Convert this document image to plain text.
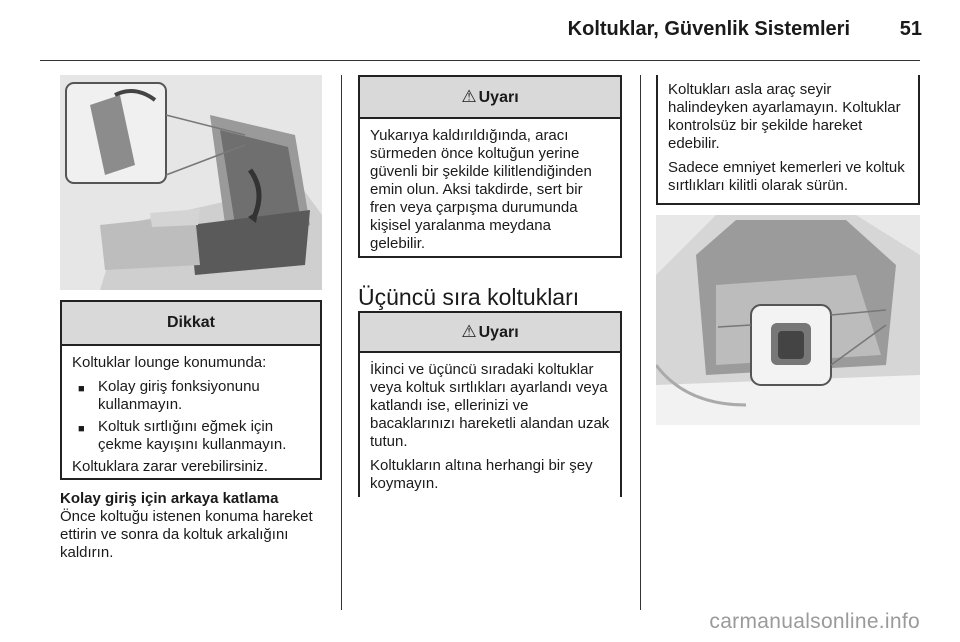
Koltuklar, Güvenlik Sistemleri 51
Dikkat

Koltuklar lounge konumunda:

■ Kolay giriş fonksiyonunu kullanmayın.
■ Koltuk sırtlığını eğmek için çekme kayışını kullanmayın.

Koltuklara zarar verebilirsiniz.

Kolay giriş için arkaya katlama
Önce koltuğu istenen konuma hareket ettirin ve sonra da koltuk arkalığını kaldırın.
⚠ Uyarı

Yukarıya kaldırıldığında, aracı sürmeden önce koltuğun yerine güvenli bir şekilde kilitlendiğinden emin olun. Aksi takdirde, sert bir fren veya çarpışma durumunda kişisel yaralanma meydana gelebilir.

Üçüncü sıra koltukları
⚠ Uyarı

İkinci ve üçüncü sıradaki koltuklar veya koltuk sırtlıkları ayarlandı veya katlandı ise, ellerinizi ve bacaklarınızı hareketli alandan uzak tutun.

Koltukların altına herhangi bir şey koymayın.

Koltukları asla araç seyir halindeyken ayarlamayın. Koltuklar kontrolsüz bir şekilde hareket edebilir.

Sadece emniyet kemerleri ve koltuk sırtlıkları kilitli olarak sürün.

carmanualsonline.info
